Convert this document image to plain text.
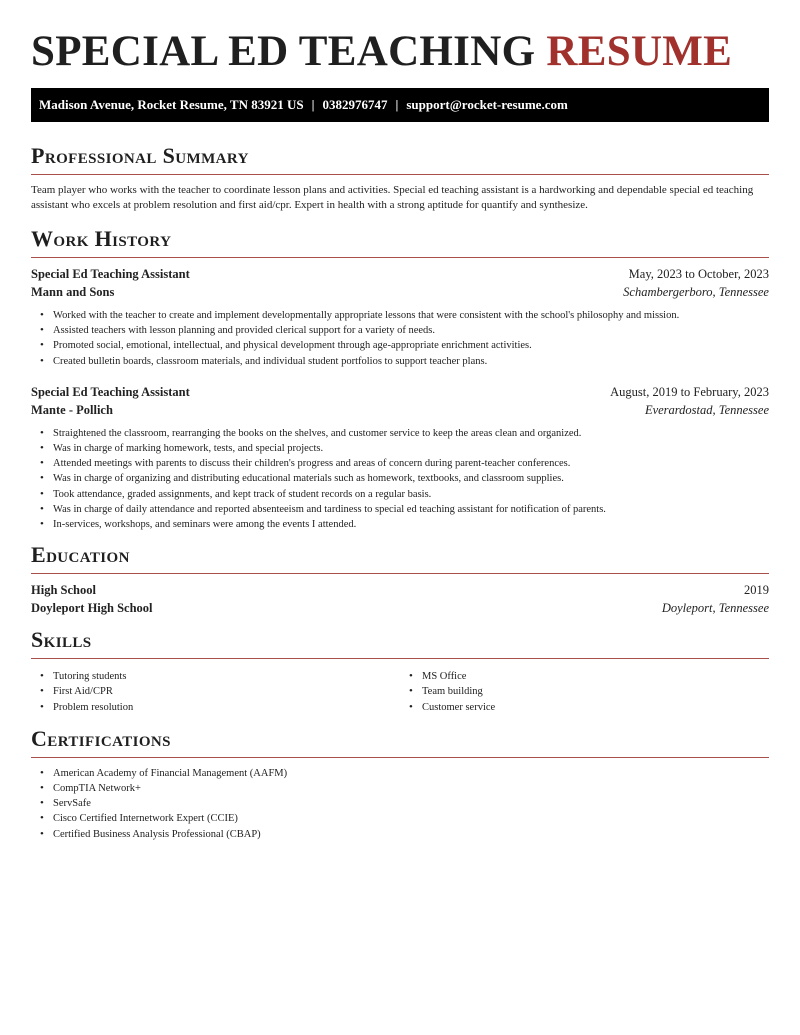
SPECIAL ED TEACHING RESUME
Madison Avenue, Rocket Resume, TN 83921 US | 0382976747 | support@rocket-resume.com
Professional Summary

Team player who works with the teacher to coordinate lesson plans and activities. Special ed teaching assistant is a hardworking and dependable special ed teaching assistant who excels at problem resolution and first aid/cpr. Expert in health with a strong aptitude for quantify and synthesize.

Work History
Special Ed Teaching Assistant	May, 2023 to October, 2023
Mann and Sons	Schambergerboro, Tennessee
• Worked with the teacher to create and implement developmentally appropriate lessons that were consistent with the school's philosophy and mission.
• Assisted teachers with lesson planning and provided clerical support for a variety of needs.
• Promoted social, emotional, intellectual, and physical development through age-appropriate enrichment activities.
• Created bulletin boards, classroom materials, and individual student portfolios to support teacher plans.
Special Ed Teaching Assistant	August, 2019 to February, 2023
Mante - Pollich	Everardostad, Tennessee
• Straightened the classroom, rearranging the books on the shelves, and customer service to keep the areas clean and organized.
• Was in charge of marking homework, tests, and special projects.
• Attended meetings with parents to discuss their children's progress and areas of concern during parent-teacher conferences.
• Was in charge of organizing and distributing educational materials such as homework, textbooks, and classroom supplies.
• Took attendance, graded assignments, and kept track of student records on a regular basis.
• Was in charge of daily attendance and reported absenteeism and tardiness to special ed teaching assistant for notification of parents.
• In-services, workshops, and seminars were among the events I attended.
Education
High School	2019
Doyleport High School	Doyleport, Tennessee
Skills
• Tutoring students
• First Aid/CPR
• Problem resolution
• MS Office
• Team building
• Customer service
Certifications
• American Academy of Financial Management (AAFM)
• CompTIA Network+
• ServSafe
• Cisco Certified Internetwork Expert (CCIE)
• Certified Business Analysis Professional (CBAP)
